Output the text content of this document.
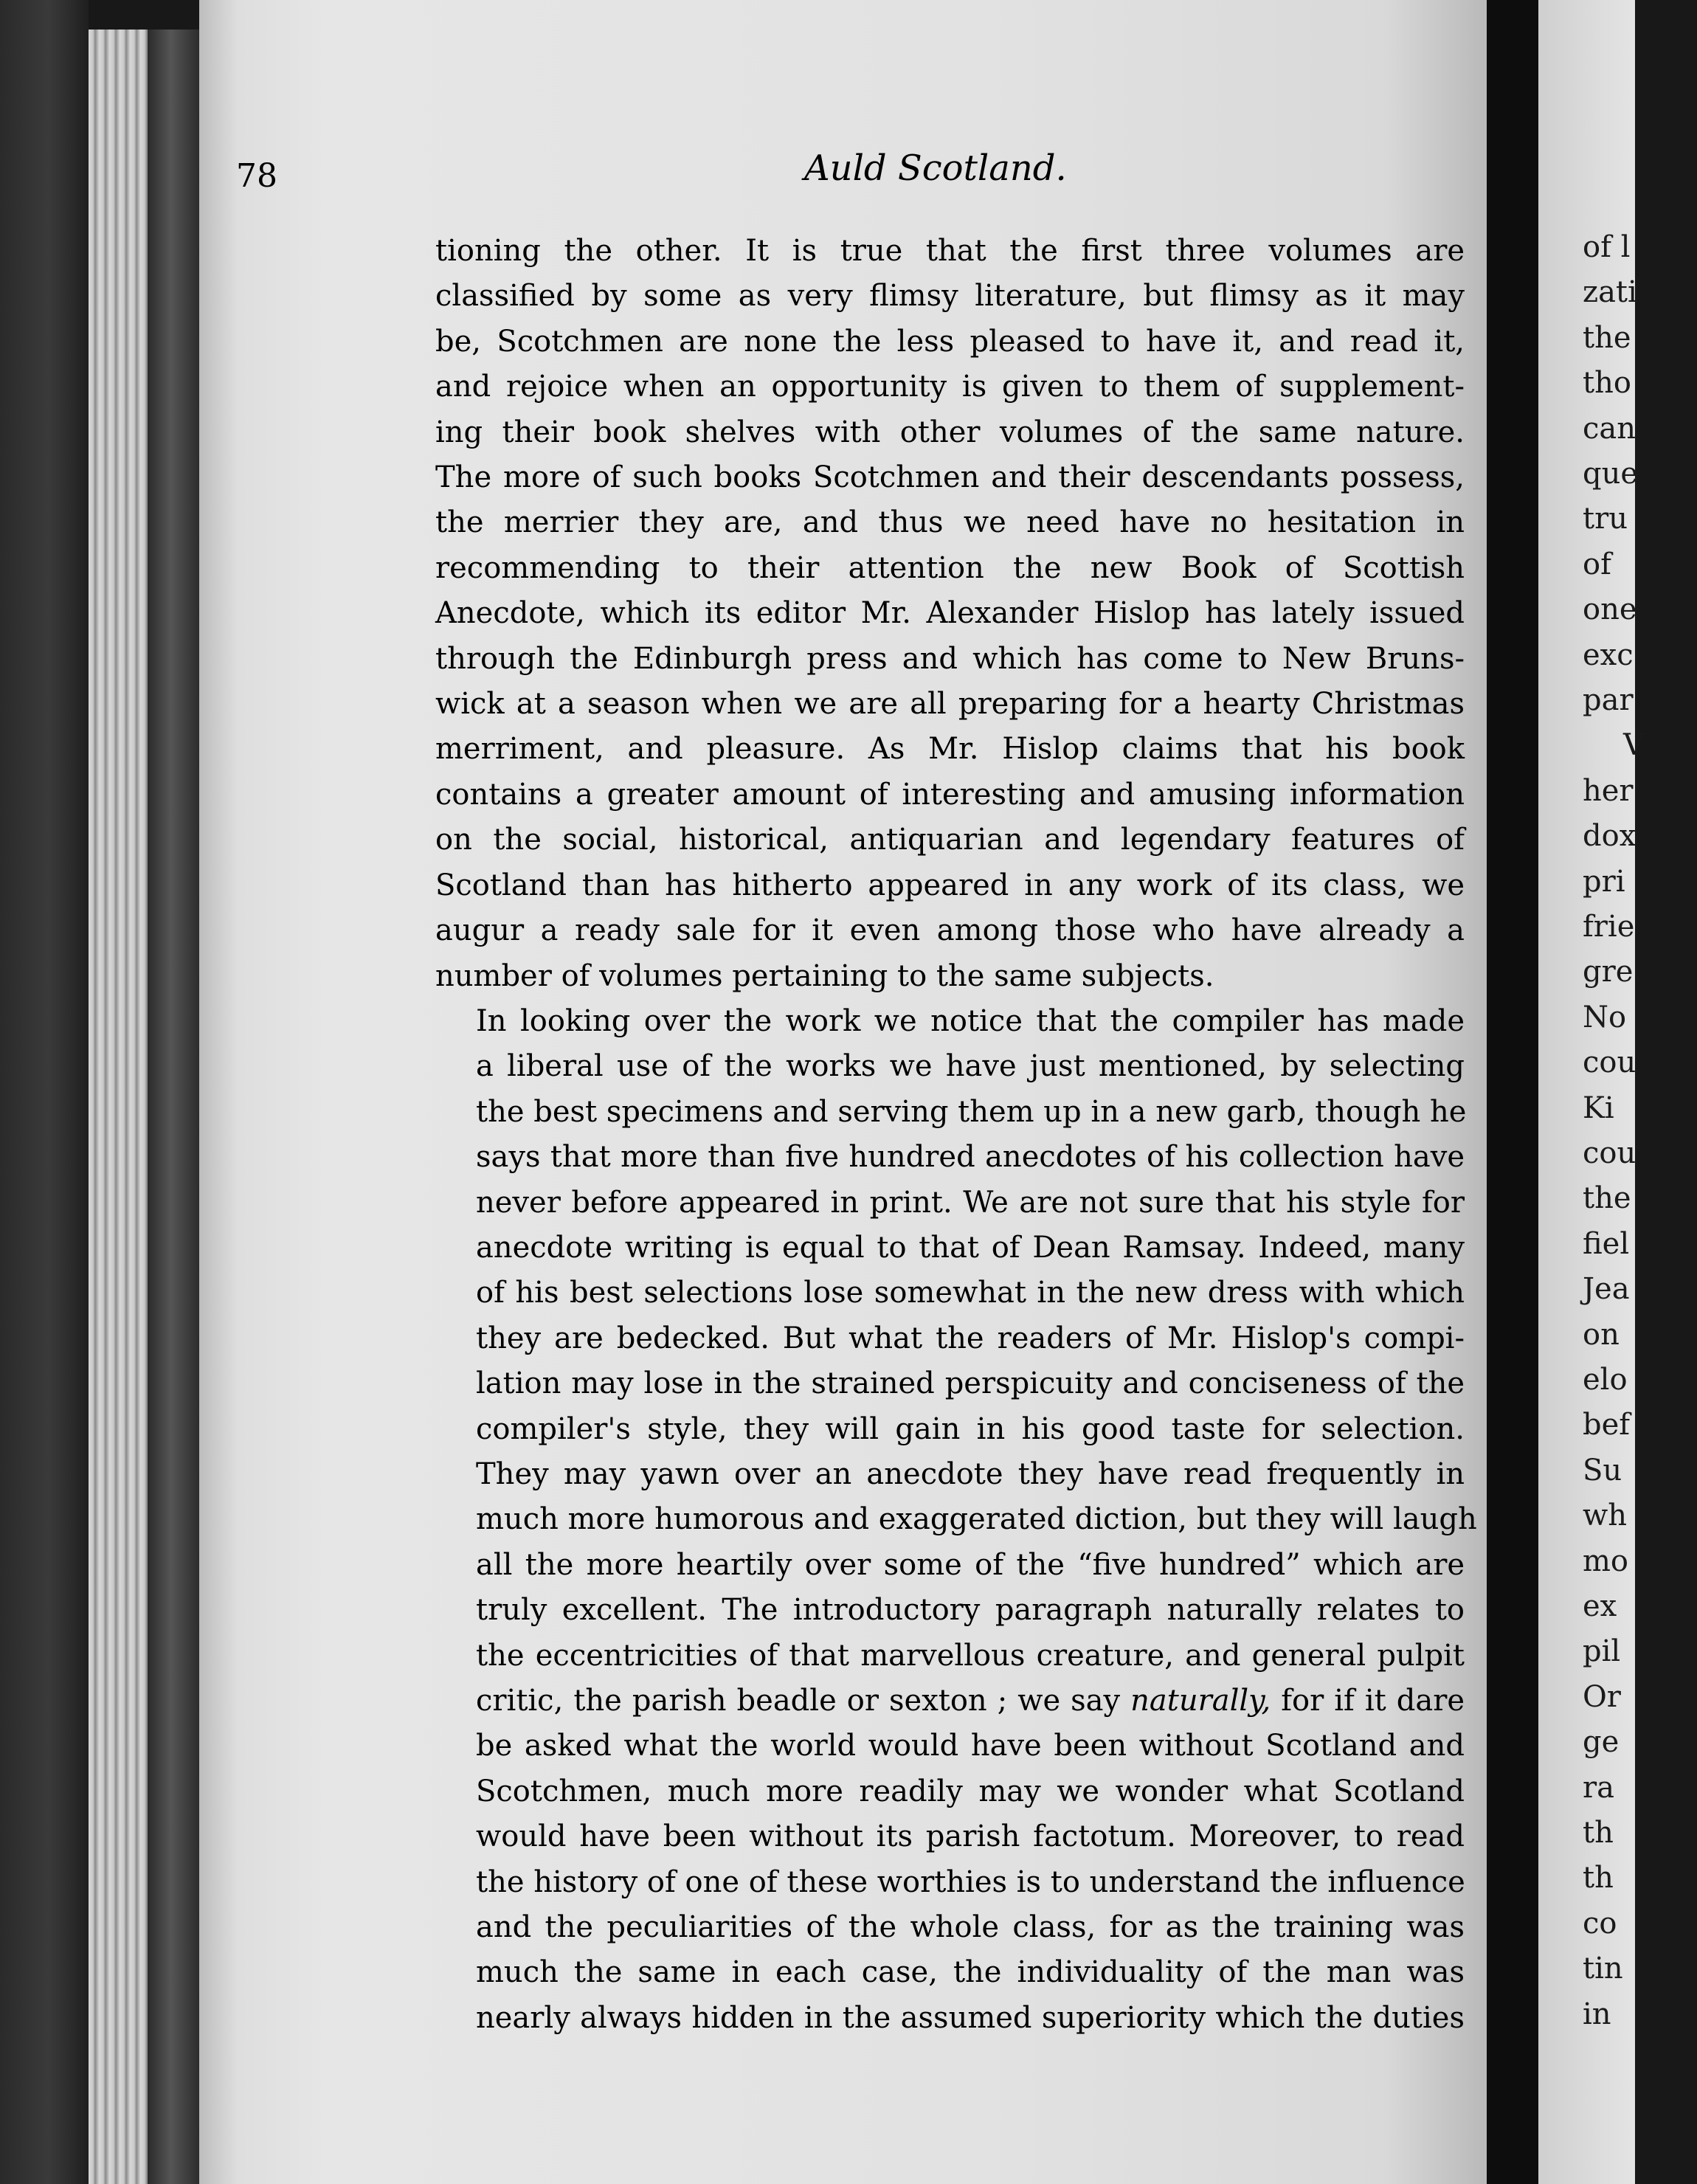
78	Auld Scotland.

tioning the other. It is true that the first three volumes are
classified by some as very flimsy literature, but flimsy as it may
be, Scotchmen are none the less pleased to have it, and read it,
and rejoice when an opportunity is given to them of supplement-
ing their book shelves with other volumes of the same nature.
The more of such books Scotchmen and their descendants possess,
the merrier they are, and thus we need have no hesitation in
recommending to their attention the new Book of Scottish
Anecdote, which its editor Mr. Alexander Hislop has lately issued
through the Edinburgh press and which has come to New Bruns-
wick at a season when we are all preparing for a hearty Christmas
merriment, and pleasure. As Mr. Hislop claims that his book
contains a greater amount of interesting and amusing information
on the social, historical, antiquarian and legendary features of
Scotland than has hitherto appeared in any work of its class, we
augur a ready sale for it even among those who have already a
number of volumes pertaining to the same subjects.

In looking over the work we notice that the compiler has made
a liberal use of the works we have just mentioned, by selecting
the best specimens and serving them up in a new garb, though he
says that more than five hundred anecdotes of his collection have
never before appeared in print. We are not sure that his style for
anecdote writing is equal to that of Dean Ramsay. Indeed, many
of his best selections lose somewhat in the new dress with which
they are bedecked. But what the readers of Mr. Hislop's compi-
lation may lose in the strained perspicuity and conciseness of the
compiler's style, they will gain in his good taste for selection.
They may yawn over an anecdote they have read frequently in
much more humorous and exaggerated diction, but they will laugh
all the more heartily over some of the “five hundred” which are
truly excellent. The introductory paragraph naturally relates to
the eccentricities of that marvellous creature, and general pulpit
critic, the parish beadle or sexton ; we say naturally, for if it dare
be asked what the world would have been without Scotland and
Scotchmen, much more readily may we wonder what Scotland
would have been without its parish factotum. Moreover, to read
the history of one of these worthies is to understand the influence
and the peculiarities of the whole class, for as the training was
much the same in each case, the individuality of the man was
nearly always hidden in the assumed superiority which the duties

of l
zati
the
tho
can
que
tru
of
one
exc
par
V
her
dox
pri
frie
gre
No
cou
Ki
cou
the
fiel
Jea
on
elo
bef
Su
wh
mo
ex
pil
Or
ge
ra
th
th
co
tin
in
